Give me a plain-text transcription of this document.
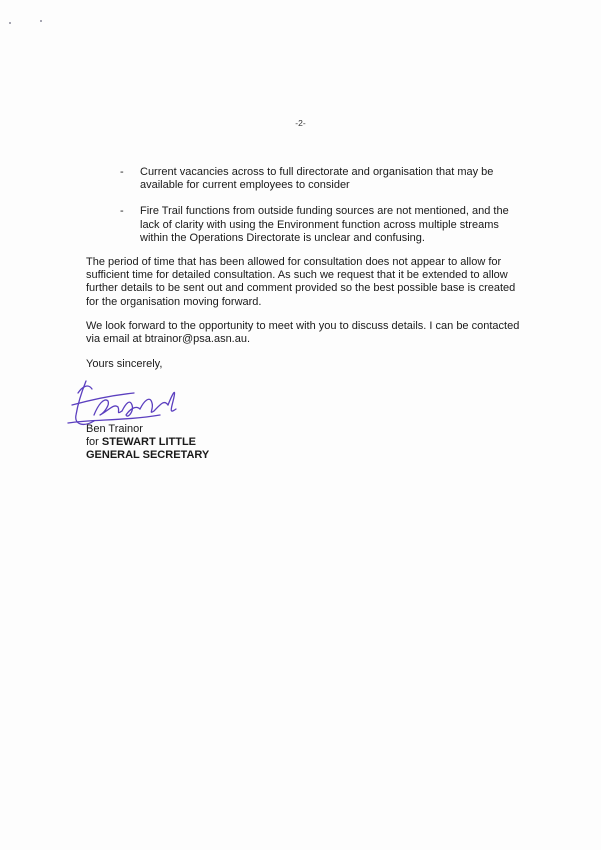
-2-
- Current vacancies across to full directorate and organisation that may be available for current employees to consider
- Fire Trail functions from outside funding sources are not mentioned, and the lack of clarity with using the Environment function across multiple streams within the Operations Directorate is unclear and confusing.

The period of time that has been allowed for consultation does not appear to allow for sufficient time for detailed consultation. As such we request that it be extended to allow further details to be sent out and comment provided so the best possible base is created for the organisation moving forward.

We look forward to the opportunity to meet with you to discuss details. I can be contacted via email at btrainor@psa.asn.au.

Yours sincerely,
Ben Trainor
for STEWART LITTLE
GENERAL SECRETARY
